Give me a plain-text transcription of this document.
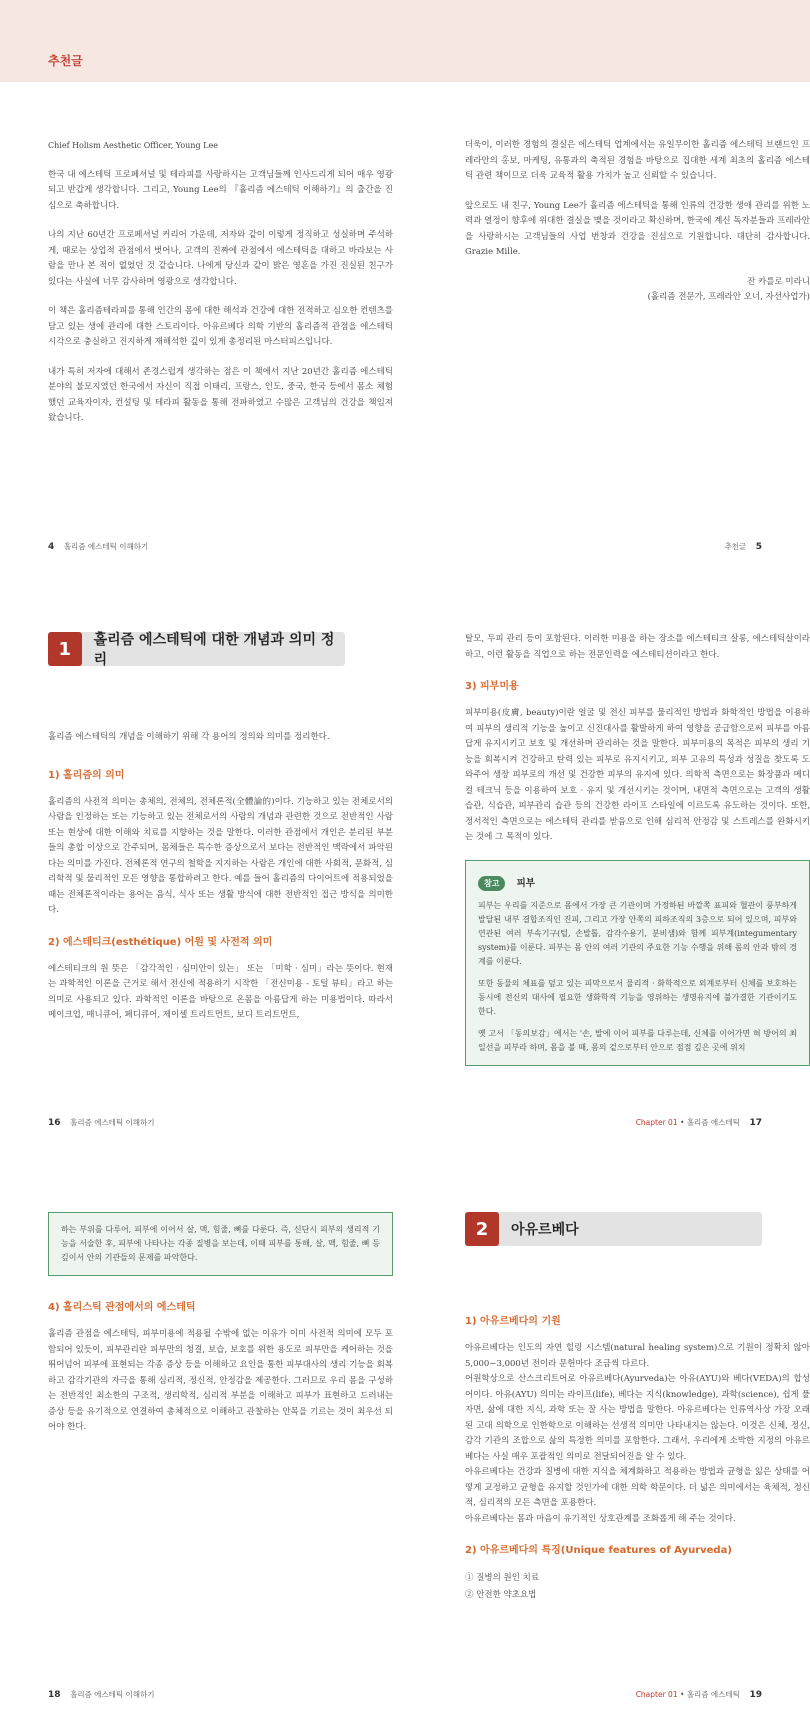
추천글

Chief Holism Aesthetic Officer, Young Lee

한국 내 에스테틱 프로페셔널 및 테라피를 사랑하시는 고객님들께 인사드리게 되어 매우 영광되고 반갑게 생각합니다. 그리고, Young Lee의 『홀리즘 에스테틱 이해하기』의 출간을 진심으로 축하합니다.

나의 지난 60년간 프로페셔널 커리어 가운데, 저자와 같이 이렇게 정직하고 성실하며 주석하게, 때로는 상업적 관점에서 벗어나, 고객의 진짜에 관점에서 에스테틱을 대하고 바라보는 사람을 만나 본 적이 없었던 것 같습니다. 나에게 당신과 같이 밝은 영혼을 가진 진실된 친구가 있다는 사실에 너무 감사하며 영광으로 생각합니다.

이 책은 홀리즘테라피를 통해 인간의 몸에 대한 해석과 건강에 대한 전적하고 심오한 컨텐츠를 담고 있는 생에 관리에 대한 스토리이다. 아유르베다 의학 기반의 홀리즘적 관점을 에스테틱 시각으로 충실하고 진지하게 재해석한 깊이 있게 총정리된 마스터피스입니다.

내가 특히 저자에 대해서 존경스럽게 생각하는 점은 이 책에서 지난 20년간 홀리즘 에스테틱 분야의 불모지였던 한국에서 자신이 직접 이태리, 프랑스, 인도, 중국, 한국 등에서 몸소 체험했던 교육자이자, 컨설팅 및 테라피 활동을 통해 전파하였고 수많은 고객님의 건강을 책임져 왔습니다.

더욱이, 이러한 경험의 결실은 에스테틱 업계에서는 유일무이한 홀리즘 에스테틱 브랜드인 프레라안의 홍보, 마케팅, 유통과의 축적된 경험을 바탕으로 집대한 세계 최초의 홀리즘 에스테틱 관련 책이므로 더욱 교육적 활용 가치가 높고 신뢰할 수 있습니다.

앞으로도 내 친구, Young Lee가 홀리즘 에스테틱을 통해 인류의 건강한 생애 관리를 위한 노력과 열정이 향후에 위대한 결실을 맺을 것이라고 확신하며, 한국에 계신 독자분들과 프레라안을 사랑하시는 고객님들의 사업 번창과 건강을 진심으로 기원합니다. 대단히 감사합니다. Grazie Mille.

잔 카를로 미라니

(홀리즘 전문가, 프레라안 오너, 자선사업가)

4 홀리즘 에스테틱 이해하기	추천글 5
1	홀리즘 에스테틱에 대한 개념과 의미 정리

홀리즘 에스테틱의 개념을 이해하기 위해 각 용어의 정의와 의미를 정리한다.

1) 홀리즘의 의미

홀리즘의 사전적 의미는 총체의, 전체의, 전체론적(全體論的)이다. 기능하고 있는 전체로서의 사람을 인정하는 또는 기능하고 있는 전체로서의 사람의 개념과 관련한 것으로 전반적인 사람 또는 현상에 대한 이해와 치료를 지향하는 것을 말한다. 이러한 관점에서 개인은 분리된 부분들의 총합 이상으로 간주되며, 몸체들은 특수한 증상으로서 보다는 전반적인 맥락에서 파악된다는 의미를 가진다. 전체론적 연구의 철학을 지지하는 사람은 개인에 대한 사회적, 문화적, 심리학적 및 물리적인 모든 영향을 통합하려고 한다. 예를 들어 홀리즘의 다이어트에 적용되었을 때는 전체론적이라는 용어는 음식, 식사 또는 생활 방식에 대한 전반적인 접근 방식을 의미한다.

2) 에스테티크(esthétique) 어원 및 사전적 의미

에스테티크의 원 뜻은 「감각적인 · 심미안이 있는」 또는 「미학 · 심미」라는 뜻이다. 현재는 과학적인 이론을 근거로 해서 전신에 적용하기 시작한 「전신미용 - 토털 뷰티」라고 하는 의미로 사용되고 있다. 과학적인 이론을 바탕으로 온몸을 아름답게 하는 미용법이다. 따라서 메이크업, 매니큐어, 페디큐어, 제이셀 트리트먼트, 보디 트리트먼트,

탈모, 두피 관리 등이 포함된다. 이러한 미용을 하는 장소를 에스테티크 살롱, 에스테틱살이라 하고, 이런 활동을 직업으로 하는 전문인력을 에스테티션이라고 한다.

3) 피부미용

피부미용(皮膚, beauty)이란 얼굴 및 전신 피부를 물리적인 방법과 화학적인 방법을 이용하여 피부의 생리적 기능을 높이고 신진대사를 활발하게 하여 영향을 공급함으로써 피부를 아름답게 유지시키고 보호 및 개선하며 관리하는 것을 말한다. 피부미용의 목적은 피부의 생리 기능을 회복시켜 건강하고 탄력 있는 피부로 유지시키고, 피부 고유의 특성과 성질을 찾도록 도와주어 생장 피부로의 개선 및 건강한 피부의 유지에 있다. 의학적 측면으로는 화장품과 메디컬 테크닉 등을 이용하여 보호 · 유지 및 개선시키는 것이며, 내면적 측면으로는 고객의 생활 습관, 식습관, 피부관리 습관 등의 건강한 라이프 스타일에 이르도록 유도하는 것이다. 또한, 정서적인 측면으로는 에스테틱 관리를 받음으로 인해 심리적 안정감 및 스트레스를 완화시키는 것에 그 목적이 있다.

참고 피부

피부는 우리를 지준으로 몸에서 가장 큰 기관이며 가정하된 바깥쪽 표피와 혈관이 풍부하게 발달된 내부 결합조직인 진피, 그리고 가장 안쪽의 피하조직의 3층으로 되어 있으며, 피부와 연관된 여러 부속기구(털, 손발톱, 감각수용기, 분비샘)와 함께 피부계(integumentary system)를 이룬다. 피부는 몸 안의 여러 기관의 주요한 기능 수행을 위해 몸의 안과 밖의 경계를 이룬다.

또한 동물의 체표를 덮고 있는 피막으로서 물리적 · 화학적으로 외계로부터 신체를 보호하는 동시에 전신의 대사에 필요한 생화학적 기능을 영위하는 생명유지에 불가결한 기관이기도 한다.

옛 고서 「동의보감」에서는 '손, 발에 이어 피부를 다루는데, 신체를 이어가면 혀 방어의 최일선을 피부라 하며, 몸을 볼 때, 몸의 겉으로부터 안으로 점점 깊은 곳에 위치

16 홀리즘 에스테틱 이해하기	Chapter 01 • 홀리즘 에스테틱 17

하는 부위를 다루어, 피부에 이어서 살, 맥, 힘줄, 뼈를 다룬다. 즉, 신단시 피부의 생리적 기능을 서술한 후, 피부에 나타나는 각종 질병을 보는데, 이때 피부를 통해, 살, 맥, 힘줄, 뼈 등 깊이서 안의 기관들의 문제를 파악한다.

4) 홀리스틱 관점에서의 에스테틱

홀리즘 관점을 에스테틱, 피부미용에 적용될 수밖에 없는 이유가 이미 사전적 의미에 모두 포함되어 있듯이, 피부관리란 피부만의 청결, 보습, 보호를 위한 용도로 피부만을 케어하는 것을 뛰어넘어 피부에 표현되는 각종 증상 등을 이해하고 요인을 통한 피부대사의 생리 기능을 회복하고 감각기관의 자극을 통해 심리적, 정신적, 안정감을 제공한다. 그러므로 우리 몸을 구성하는 전반적인 최소한의 구조적, 생리학적, 심리적 부분을 이해하고 피부가 표현하고 드러내는 증상 등을 유기적으로 연결하여 총체적으로 이해하고 관찰하는 안목을 기르는 것이 최우선 되어야 한다.

2	아유르베다

1) 아유르베다의 기원

아유르베다는 인도의 자연 힐링 시스템(natural healing system)으로 기원이 정확치 않아 5,000~3,000년 전이라 문헌마다 조금씩 다르다.

어원학상으로 산스크리트어로 아유르베다(Ayurveda)는 아유(AYU)와 베다(VEDA)의 합성어이다. 아유(AYU) 의미는 라이프(life), 베다는 지식(knowledge), 과학(science), 쉽게 풀자면, 삶에 대한 지식, 과학 또는 잘 사는 방법을 말한다. 아유르베다는 인류역사상 가장 오래된 고대 의학으로 인한학으로 이해하는 선생적 의미만 나타내지는 않는다. 이것은 신체, 정신, 감각 기관의 조합으로 삶의 특정한 의미를 포함한다. 그래서, 우리에게 소박한 지정의 아유르베다는 사실 매우 포괄적인 의미로 전달되어진을 알 수 있다.

아유르베다는 건강과 질병에 대한 지식을 체계화하고 적용하는 방법과 균형을 잃은 상태를 어떻게 교정하고 균형을 유지할 것인가에 대한 의학 학문이다. 더 넓은 의미에서는 육체적, 정신적, 심리적의 모든 측면을 포용한다.

아유르베다는 몸과 마음이 유기적인 상호관계를 조화롭게 해 주는 것이다.

2) 아유르베다의 특징(Unique features of Ayurveda)

① 질병의 원인 치료

② 안전한 약초요법

18 홀리즘 에스테틱 이해하기	Chapter 01 • 홀리즘 에스테틱 19
